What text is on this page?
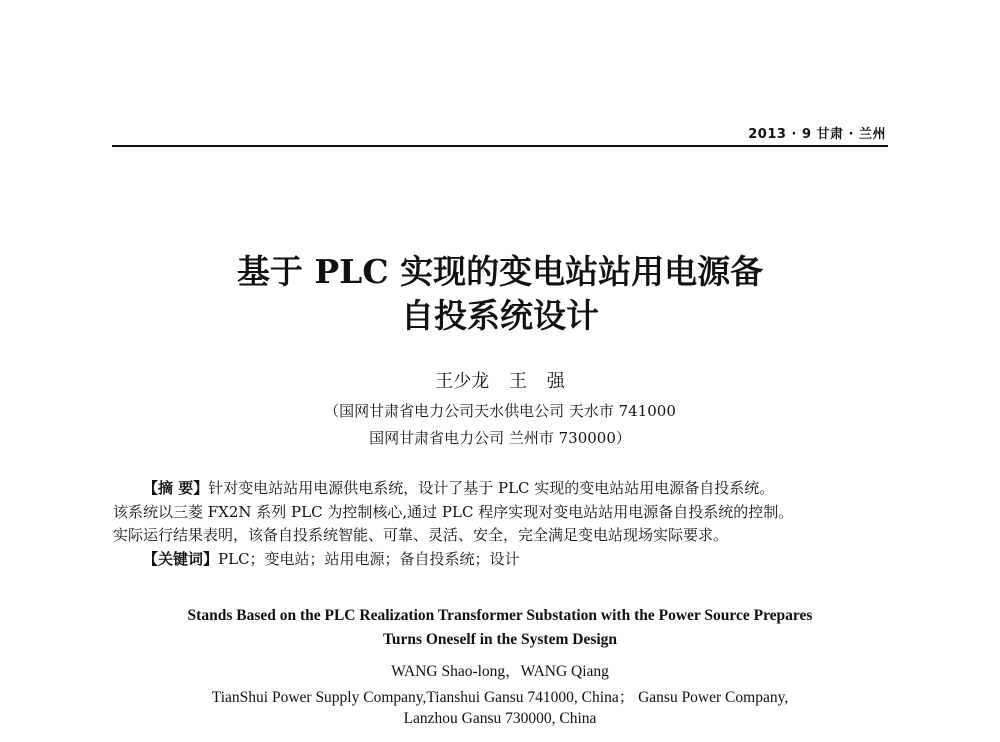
2013 · 9 甘肃 · 兰州
基于 PLC 实现的变电站站用电源备
自投系统设计
王少龙 王 强
（国网甘肃省电力公司天水供电公司 天水市 741000
国网甘肃省电力公司 兰州市 730000）
【摘 要】针对变电站站用电源供电系统，设计了基于 PLC 实现的变电站站用电源备自投系统。
该系统以三菱 FX2N 系列 PLC 为控制核心,通过 PLC 程序实现对变电站站用电源备自投系统的控制。
实际运行结果表明，该备自投系统智能、可靠、灵活、安全，完全满足变电站现场实际要求。
【关键词】PLC；变电站；站用电源；备自投系统；设计
Stands Based on the PLC Realization Transformer Substation with the Power Source Prepares
Turns Oneself in the System Design
WANG Shao-long，WANG Qiang
TianShui Power Supply Company,Tianshui Gansu 741000, China； Gansu Power Company,
Lanzhou Gansu 730000, China
